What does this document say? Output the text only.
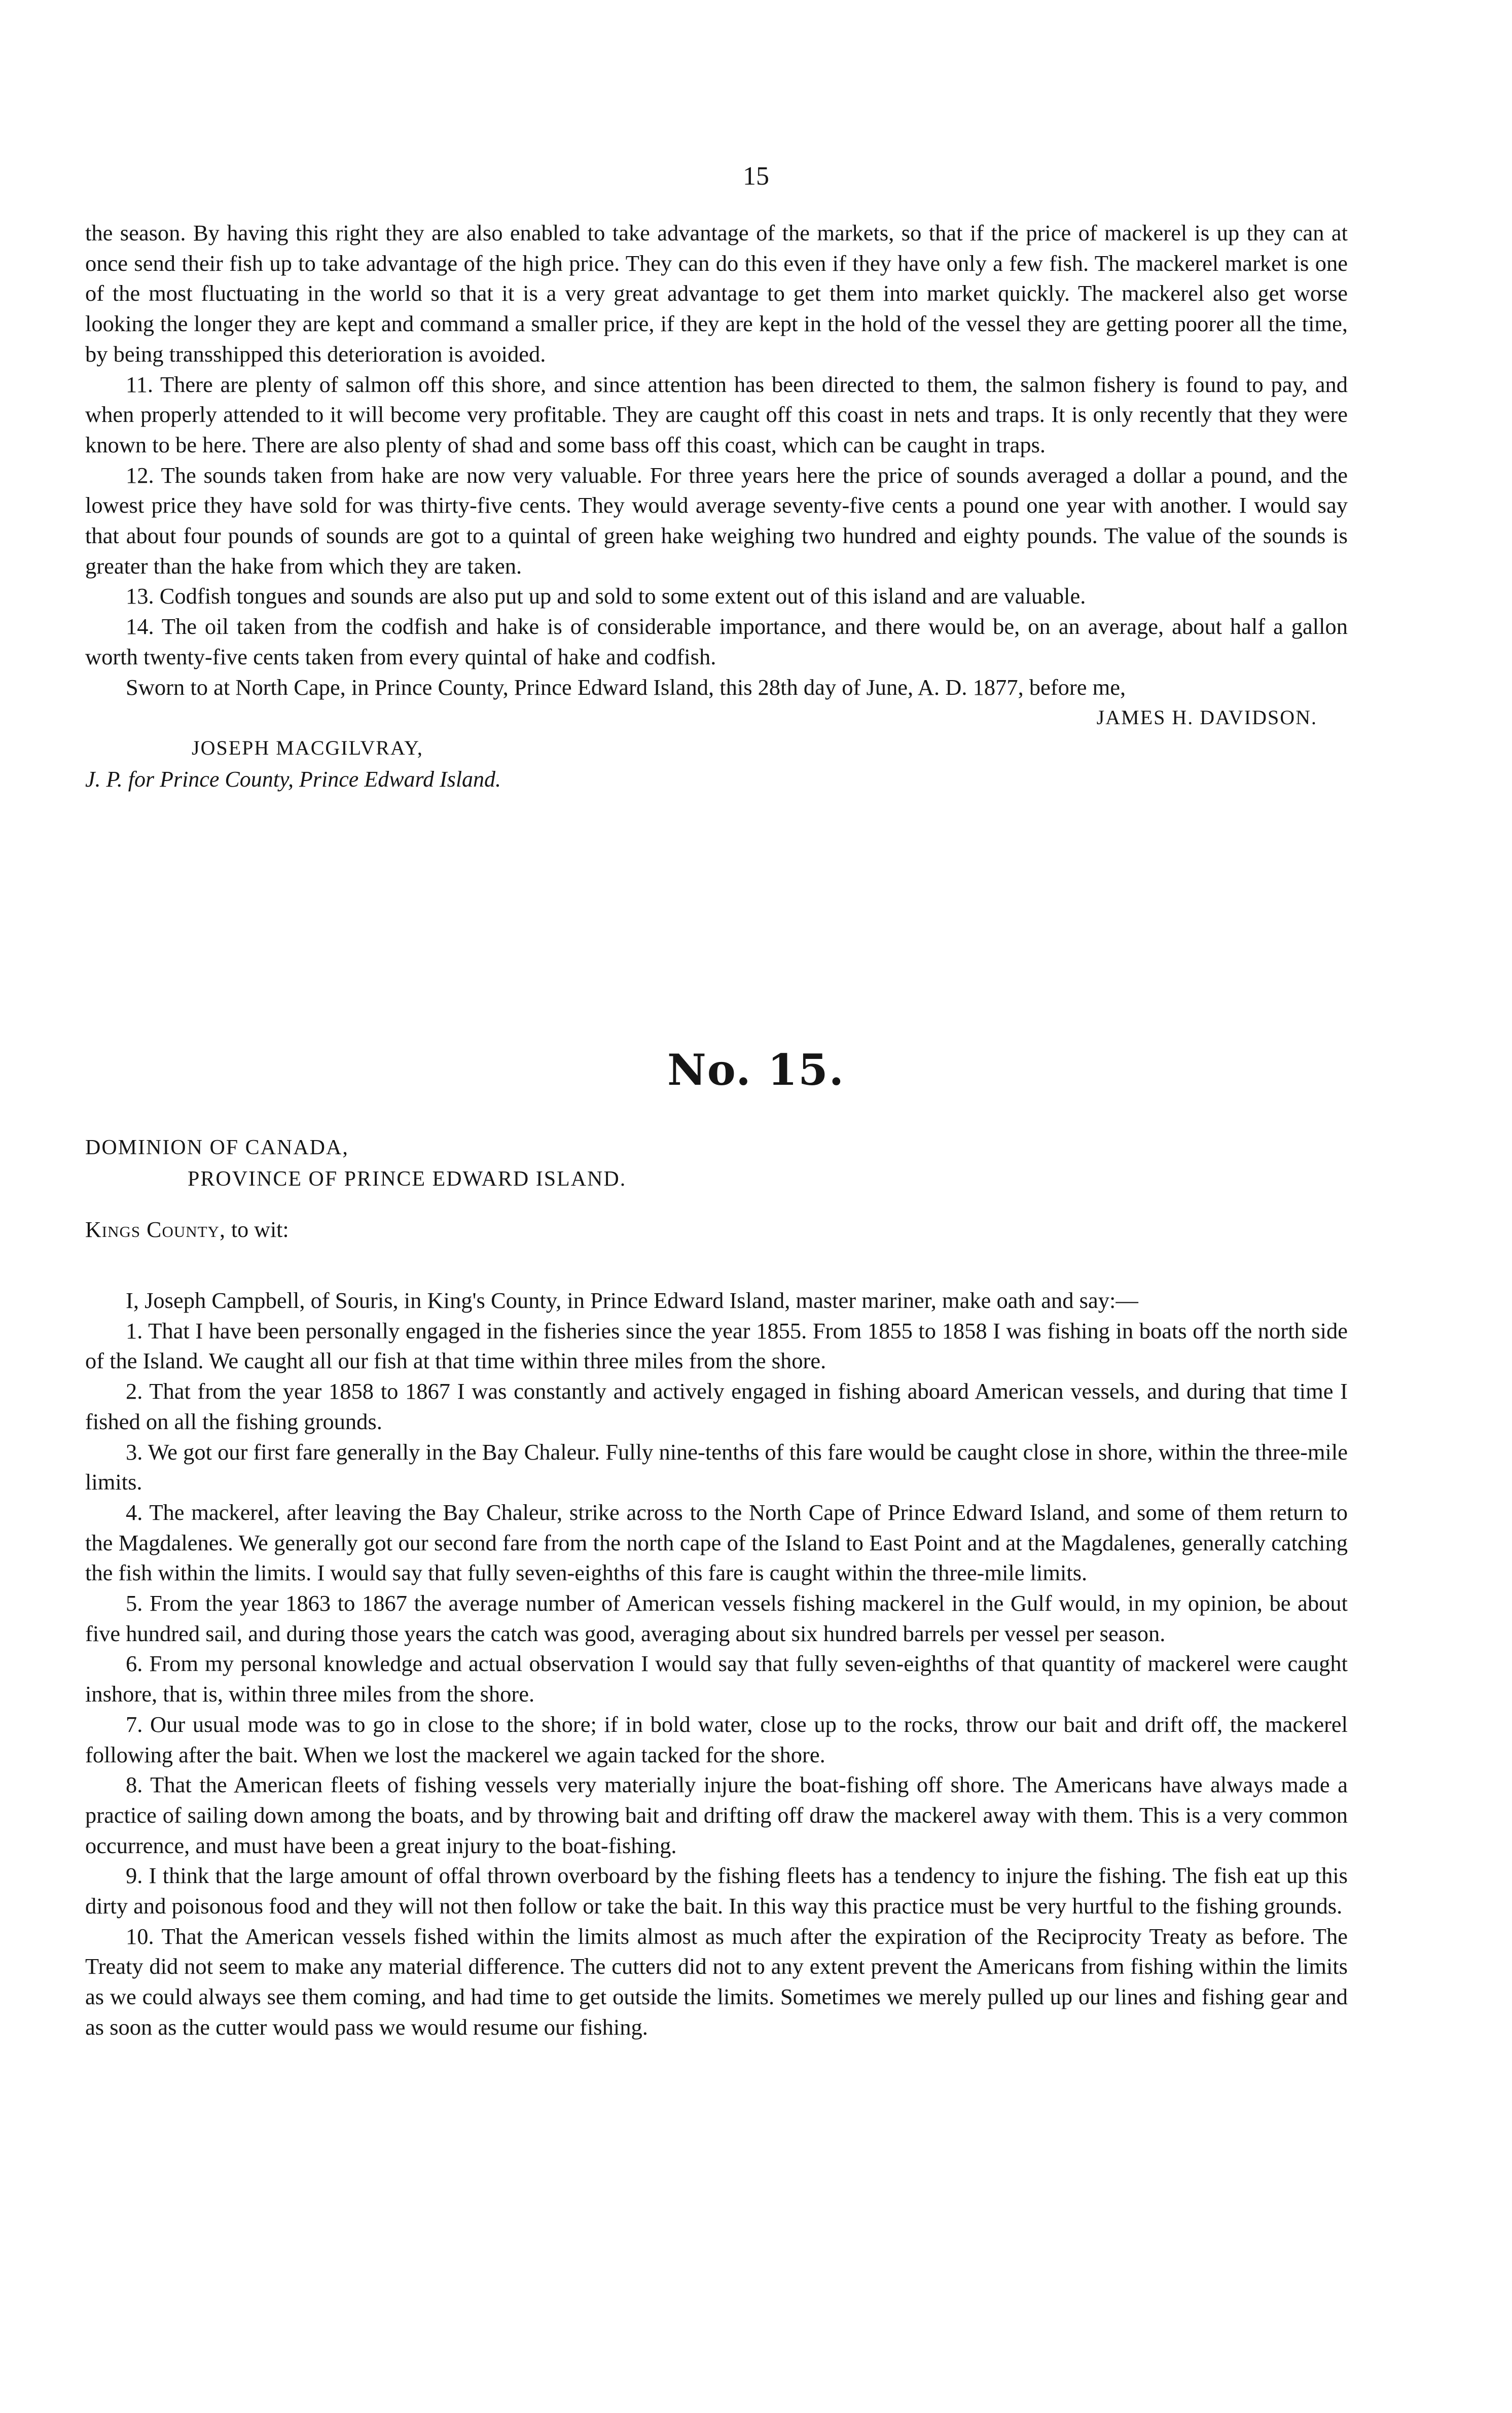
15

the season. By having this right they are also enabled to take advantage of the markets, so that if the price of mackerel is up they can at once send their fish up to take advantage of the high price. They can do this even if they have only a few fish. The mackerel market is one of the most fluctuating in the world so that it is a very great advantage to get them into market quickly. The mackerel also get worse looking the longer they are kept and command a smaller price, if they are kept in the hold of the vessel they are getting poorer all the time, by being transshipped this deterioration is avoided.

11. There are plenty of salmon off this shore, and since attention has been directed to them, the salmon fishery is found to pay, and when properly attended to it will become very profitable. They are caught off this coast in nets and traps. It is only recently that they were known to be here. There are also plenty of shad and some bass off this coast, which can be caught in traps.

12. The sounds taken from hake are now very valuable. For three years here the price of sounds averaged a dollar a pound, and the lowest price they have sold for was thirty-five cents. They would average seventy-five cents a pound one year with another. I would say that about four pounds of sounds are got to a quintal of green hake weighing two hundred and eighty pounds. The value of the sounds is greater than the hake from which they are taken.

13. Codfish tongues and sounds are also put up and sold to some extent out of this island and are valuable.

14. The oil taken from the codfish and hake is of considerable importance, and there would be, on an average, about half a gallon worth twenty-five cents taken from every quintal of hake and codfish.

Sworn to at North Cape, in Prince County, Prince Edward Island, this 28th day of June, A. D. 1877, before me,

JAMES H. DAVIDSON.
JOSEPH MACGILVRAY,
J. P. for Prince County, Prince Edward Island.
No. 15.

DOMINION OF CANADA,

PROVINCE OF PRINCE EDWARD ISLAND.

Kings County, to wit:

I, Joseph Campbell, of Souris, in King's County, in Prince Edward Island, master mariner, make oath and say:—

1. That I have been personally engaged in the fisheries since the year 1855. From 1855 to 1858 I was fishing in boats off the north side of the Island. We caught all our fish at that time within three miles from the shore.

2. That from the year 1858 to 1867 I was constantly and actively engaged in fishing aboard American vessels, and during that time I fished on all the fishing grounds.

3. We got our first fare generally in the Bay Chaleur. Fully nine-tenths of this fare would be caught close in shore, within the three-mile limits.

4. The mackerel, after leaving the Bay Chaleur, strike across to the North Cape of Prince Edward Island, and some of them return to the Magdalenes. We generally got our second fare from the north cape of the Island to East Point and at the Magdalenes, generally catching the fish within the limits. I would say that fully seven-eighths of this fare is caught within the three-mile limits.

5. From the year 1863 to 1867 the average number of American vessels fishing mackerel in the Gulf would, in my opinion, be about five hundred sail, and during those years the catch was good, averaging about six hundred barrels per vessel per season.

6. From my personal knowledge and actual observation I would say that fully seven-eighths of that quantity of mackerel were caught inshore, that is, within three miles from the shore.

7. Our usual mode was to go in close to the shore; if in bold water, close up to the rocks, throw our bait and drift off, the mackerel following after the bait. When we lost the mackerel we again tacked for the shore.

8. That the American fleets of fishing vessels very materially injure the boat-fishing off shore. The Americans have always made a practice of sailing down among the boats, and by throwing bait and drifting off draw the mackerel away with them. This is a very common occurrence, and must have been a great injury to the boat-fishing.

9. I think that the large amount of offal thrown overboard by the fishing fleets has a tendency to injure the fishing. The fish eat up this dirty and poisonous food and they will not then follow or take the bait. In this way this practice must be very hurtful to the fishing grounds.

10. That the American vessels fished within the limits almost as much after the expiration of the Reciprocity Treaty as before. The Treaty did not seem to make any material difference. The cutters did not to any extent prevent the Americans from fishing within the limits as we could always see them coming, and had time to get outside the limits. Sometimes we merely pulled up our lines and fishing gear and as soon as the cutter would pass we would resume our fishing.
